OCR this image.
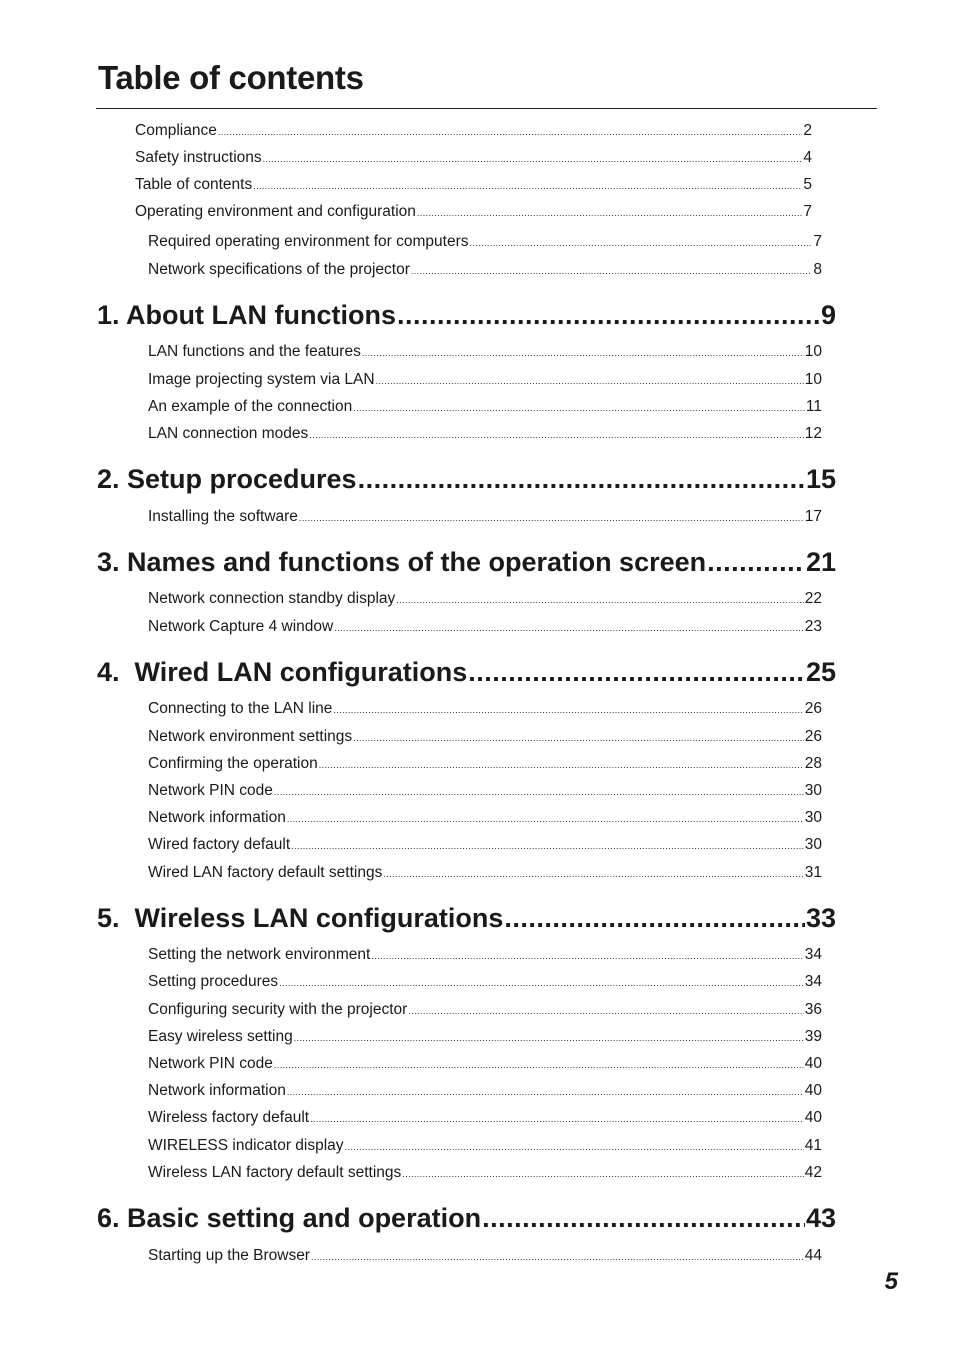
Table of contents
Compliance .....	2
Safety instructions .....	4
Table of contents .....	5
Operating environment and configuration .....	7
Required operating environment for computers .....	7
Network specifications of the projector .....	8
1. About LAN functions .....	9
LAN functions and the features .....	10
Image projecting system via LAN .....	10
An example of the connection .....	11
LAN connection modes .....	12
2. Setup procedures .....	15
Installing the software .....	17
3. Names and functions of the operation screen .....	21
Network connection standby display .....	22
Network Capture 4 window .....	23
4.  Wired LAN configurations .....	25
Connecting to the LAN line .....	26
Network environment settings .....	26
Confirming the operation .....	28
Network PIN code .....	30
Network information .....	30
Wired factory default .....	30
Wired LAN factory default settings .....	31
5.  Wireless LAN configurations .....	33
Setting the network environment .....	34
Setting procedures .....	34
Configuring security with the projector .....	36
Easy wireless setting .....	39
Network PIN code .....	40
Network information .....	40
Wireless factory default .....	40
WIRELESS indicator display .....	41
Wireless LAN factory default settings .....	42
6. Basic setting and operation .....	43
Starting up the Browser .....	44
5
